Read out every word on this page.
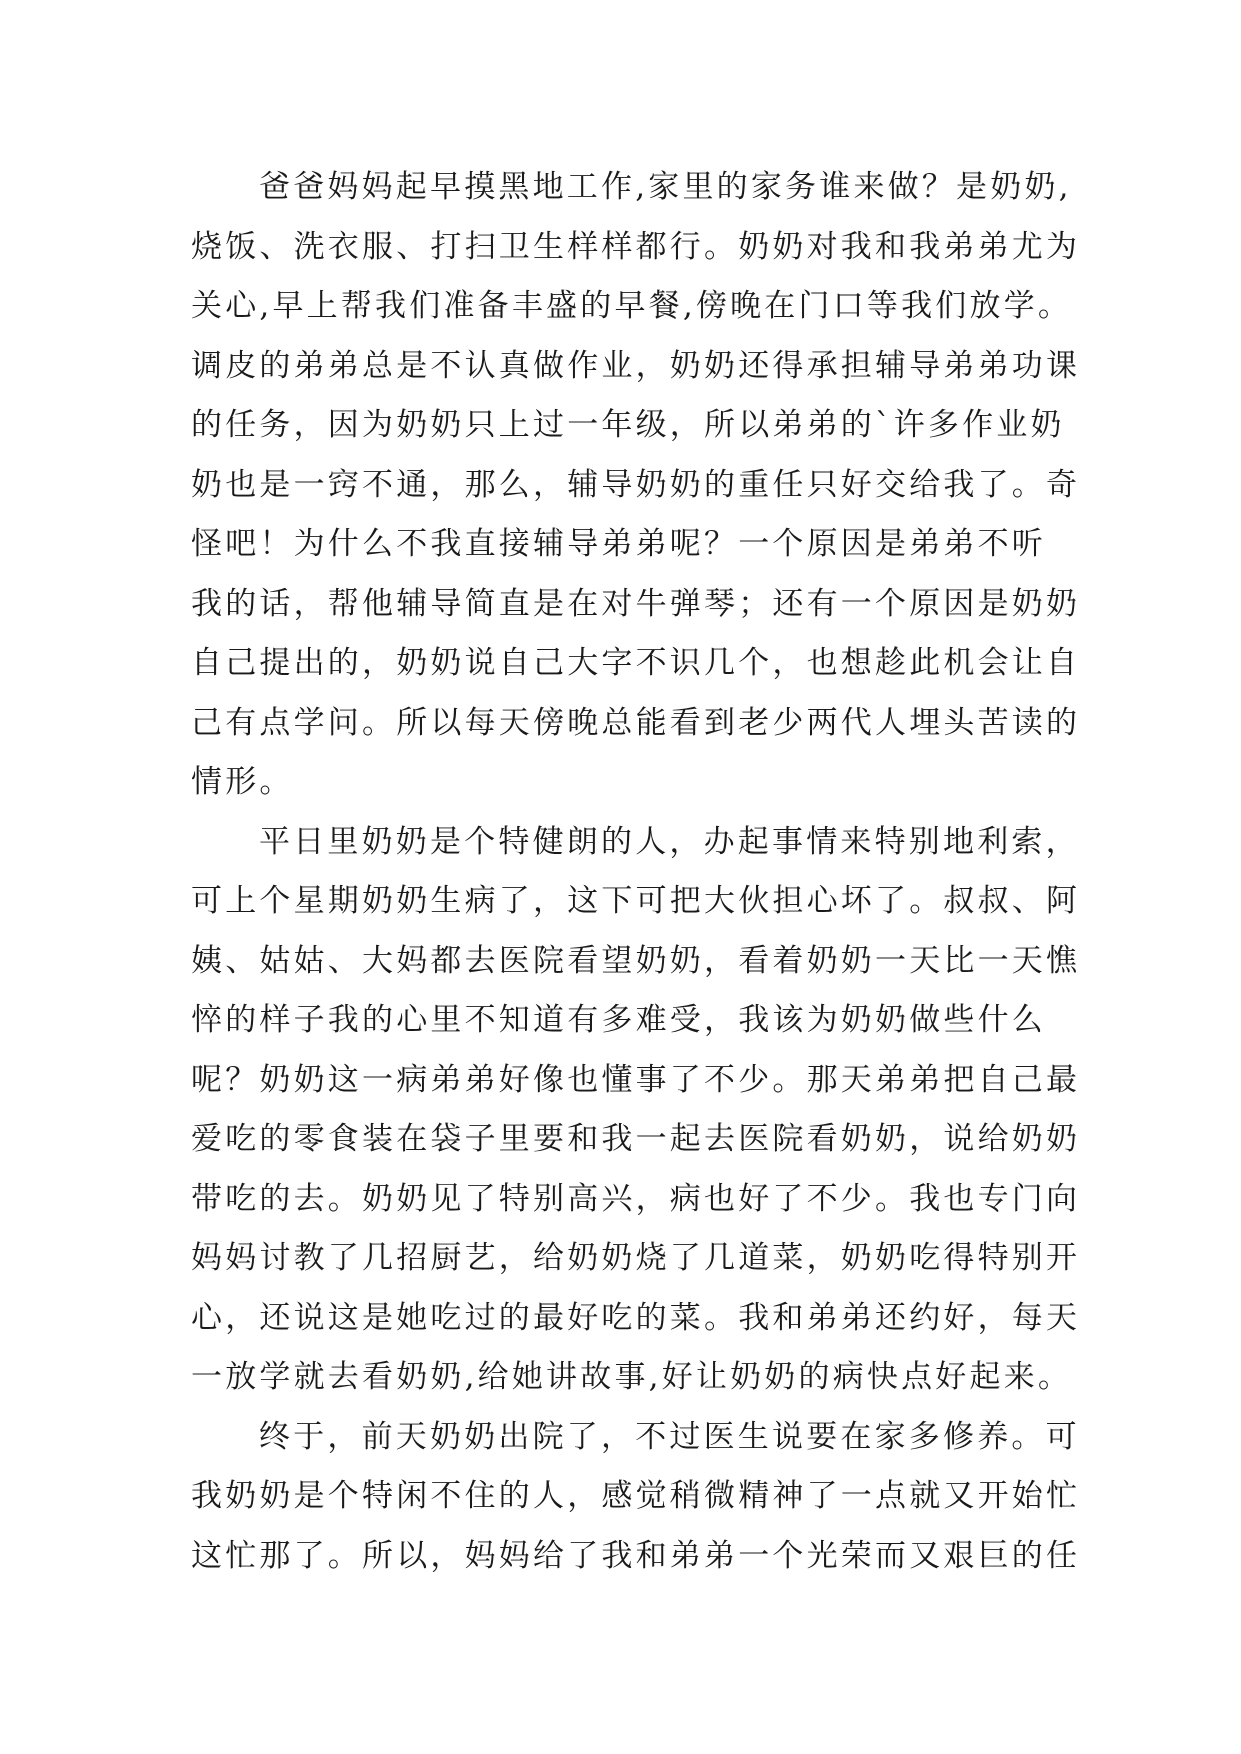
爸爸妈妈起早摸黑地工作,家里的家务谁来做？是奶奶,
烧饭、洗衣服、打扫卫生样样都行。奶奶对我和我弟弟尤为
关心,早上帮我们准备丰盛的早餐,傍晚在门口等我们放学。
调皮的弟弟总是不认真做作业，奶奶还得承担辅导弟弟功课
的任务，因为奶奶只上过一年级，所以弟弟的`许多作业奶
奶也是一窍不通，那么，辅导奶奶的重任只好交给我了。奇
怪吧！为什么不我直接辅导弟弟呢？一个原因是弟弟不听
我的话，帮他辅导简直是在对牛弹琴；还有一个原因是奶奶
自己提出的，奶奶说自己大字不识几个，也想趁此机会让自
己有点学问。所以每天傍晚总能看到老少两代人埋头苦读的
情形。
平日里奶奶是个特健朗的人，办起事情来特别地利索，
可上个星期奶奶生病了，这下可把大伙担心坏了。叔叔、阿
姨、姑姑、大妈都去医院看望奶奶，看着奶奶一天比一天憔
悴的样子我的心里不知道有多难受，我该为奶奶做些什么
呢？奶奶这一病弟弟好像也懂事了不少。那天弟弟把自己最
爱吃的零食装在袋子里要和我一起去医院看奶奶，说给奶奶
带吃的去。奶奶见了特别高兴，病也好了不少。我也专门向
妈妈讨教了几招厨艺，给奶奶烧了几道菜，奶奶吃得特别开
心，还说这是她吃过的最好吃的菜。我和弟弟还约好，每天
一放学就去看奶奶,给她讲故事,好让奶奶的病快点好起来。
终于，前天奶奶出院了，不过医生说要在家多修养。可
我奶奶是个特闲不住的人，感觉稍微精神了一点就又开始忙
这忙那了。所以，妈妈给了我和弟弟一个光荣而又艰巨的任
